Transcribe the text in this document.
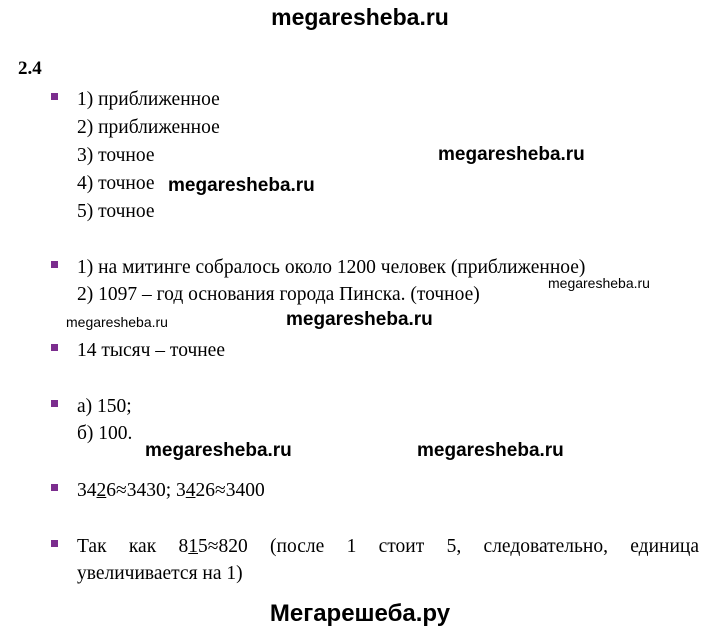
megaresheba.ru
2.4
1) приближенное
2) приближенное
3) точное
4) точное
5) точное
1) на митинге собралось около 1200 человек (приближенное)
2) 1097 – год основания города Пинска. (точное)
14 тысяч – точнее
а) 150;
б) 100.
3426≈3430; 3426≈3400
Так как 815≈820 (после 1 стоит 5, следовательно, единица
увеличивается на 1)
megaresheba.ru
megaresheba.ru
megaresheba.ru
megaresheba.ru	megaresheba.ru
megaresheba.ru	megaresheba.ru
Мегарешеба.ру
